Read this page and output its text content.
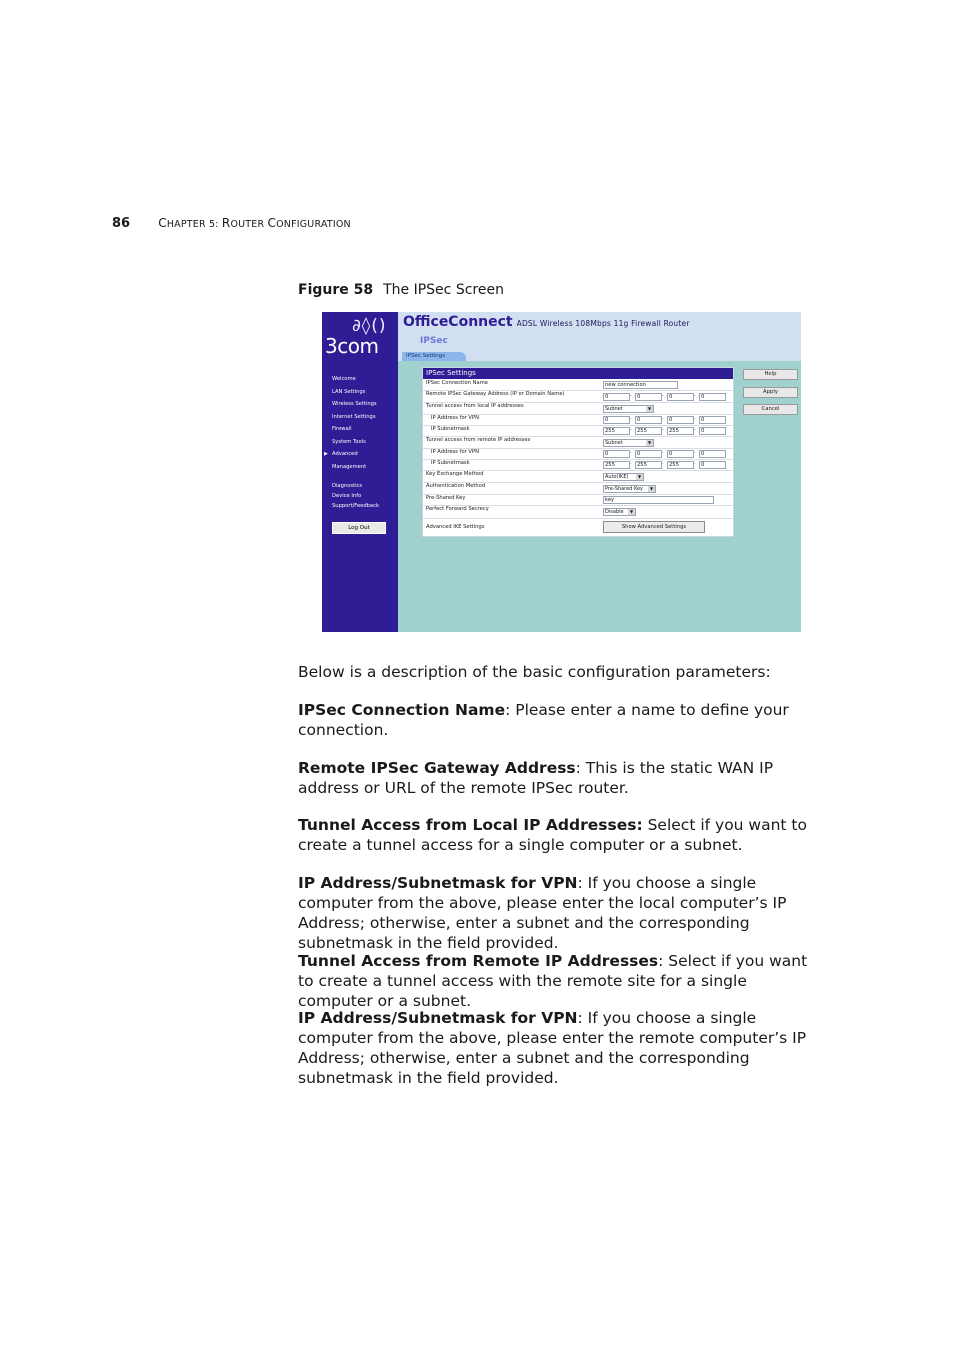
86 CHAPTER 5: ROUTER CONFIGURATION
Figure 58 The IPSec Screen
∂◊()
3com
Welcome
LAN Settings
Wireless Settings
Internet Settings
Firewall
System Tools
▶ Advanced
Management
Diagnostics
Device Info
Support/Feedback
Log Out
OfficeConnect ADSL Wireless 108Mbps 11g Firewall Router
IPSec
IPSec Settings
IPSec Settings
IPSec Connection Name	new connection
Remote IPSec Gateway Address (IP or Domain Name)	0	.	0	.	0	.	0
Tunnel access from local IP addresses	Subnet	▼
IP Address for VPN	0	.	0	.	0	.	0
IP Subnetmask	255	.	255	.	255	.	0
Tunnel access from remote IP addresses	Subnet	▼
IP Address for VPN	0	.	0	.	0	.	0
IP Subnetmask	255	.	255	.	255	.	0
Key Exchange Method	Auto(IKE)	▼
Authentication Method	Pre-Shared Key	▼
Pre-Shared Key	key
Perfect Forward Secrecy	Disable	▼
Advanced IKE Settings	Show Advanced Settings
Help
Apply
Cancel
Below is a description of the basic configuration parameters:
IPSec Connection Name: Please enter a name to define your connection.
Remote IPSec Gateway Address: This is the static WAN IP address or URL of the remote IPSec router.
Tunnel Access from Local IP Addresses: Select if you want to create a tunnel access for a single computer or a subnet.
IP Address/Subnetmask for VPN: If you choose a single computer from the above, please enter the local computer’s IP Address; otherwise, enter a subnet and the corresponding subnetmask in the field provided.
Tunnel Access from Remote IP Addresses: Select if you want to create a tunnel access with the remote site for a single computer or a subnet.
IP Address/Subnetmask for VPN: If you choose a single computer from the above, please enter the remote computer’s IP Address; otherwise, enter a subnet and the corresponding subnetmask in the field provided.
